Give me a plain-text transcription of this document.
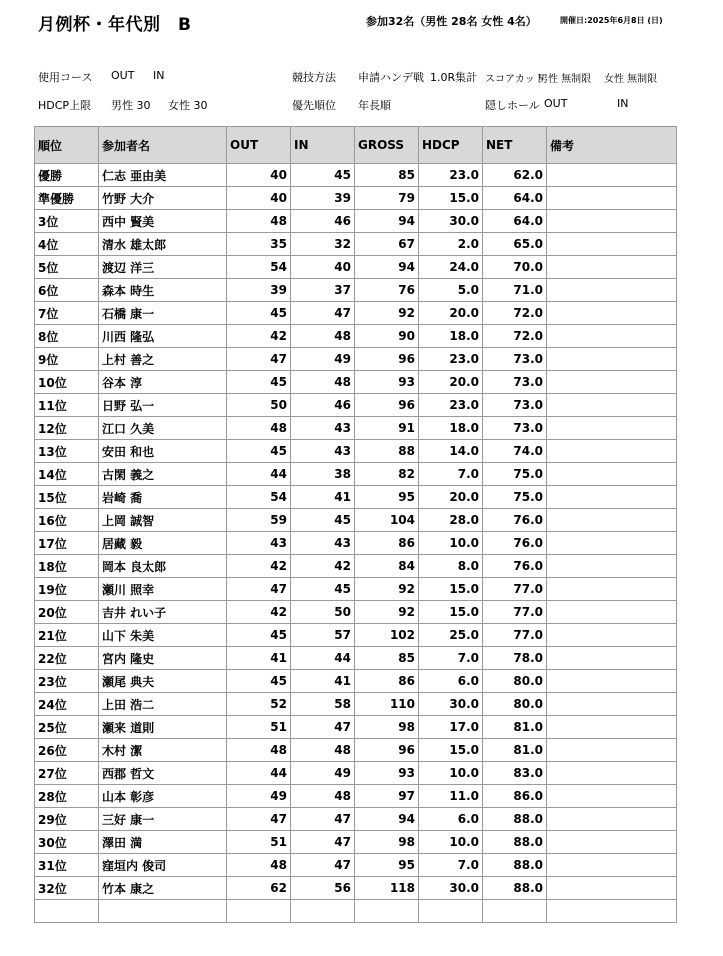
月例杯・年代別　B	参加32名（男性 28名 女性 4名）	開催日:2025年6月8日 (日)
使用コース OUT IN	競技方法 申請ハンデ戦 1.0R集計 スコアカット
男性 無制限 女性 無制限
HDCP上限 男性 30 女性 30	優先順位 年長順	隠しホール OUT	IN
順位	参加者名	OUT	IN	GROSS	HDCP	NET	備考
優勝	仁志 亜由美	40	45	85	23.0	62.0	
準優勝	竹野 大介	40	39	79	15.0	64.0	
3位	西中 賢美	48	46	94	30.0	64.0	
4位	清水 雄太郎	35	32	67	2.0	65.0	
5位	渡辺 洋三	54	40	94	24.0	70.0	
6位	森本 時生	39	37	76	5.0	71.0	
7位	石橋 康一	45	47	92	20.0	72.0	
8位	川西 隆弘	42	48	90	18.0	72.0	
9位	上村 善之	47	49	96	23.0	73.0	
10位	谷本 淳	45	48	93	20.0	73.0	
11位	日野 弘一	50	46	96	23.0	73.0	
12位	江口 久美	48	43	91	18.0	73.0	
13位	安田 和也	45	43	88	14.0	74.0	
14位	古閑 義之	44	38	82	7.0	75.0	
15位	岩崎 喬	54	41	95	20.0	75.0	
16位	上岡 誠智	59	45	104	28.0	76.0	
17位	居藏 毅	43	43	86	10.0	76.0	
18位	岡本 良太郎	42	42	84	8.0	76.0	
19位	瀬川 照幸	47	45	92	15.0	77.0	
20位	吉井 れい子	42	50	92	15.0	77.0	
21位	山下 朱美	45	57	102	25.0	77.0	
22位	宮内 隆史	41	44	85	7.0	78.0	
23位	瀬尾 典夫	45	41	86	6.0	80.0	
24位	上田 浩二	52	58	110	30.0	80.0	
25位	瀬来 道則	51	47	98	17.0	81.0	
26位	木村 潔	48	48	96	15.0	81.0	
27位	西郡 哲文	44	49	93	10.0	83.0	
28位	山本 彰彦	49	48	97	11.0	86.0	
29位	三好 康一	47	47	94	6.0	88.0	
30位	澤田 満	51	47	98	10.0	88.0	
31位	窪垣内 俊司	48	47	95	7.0	88.0	
32位	竹本 康之	62	56	118	30.0	88.0	
